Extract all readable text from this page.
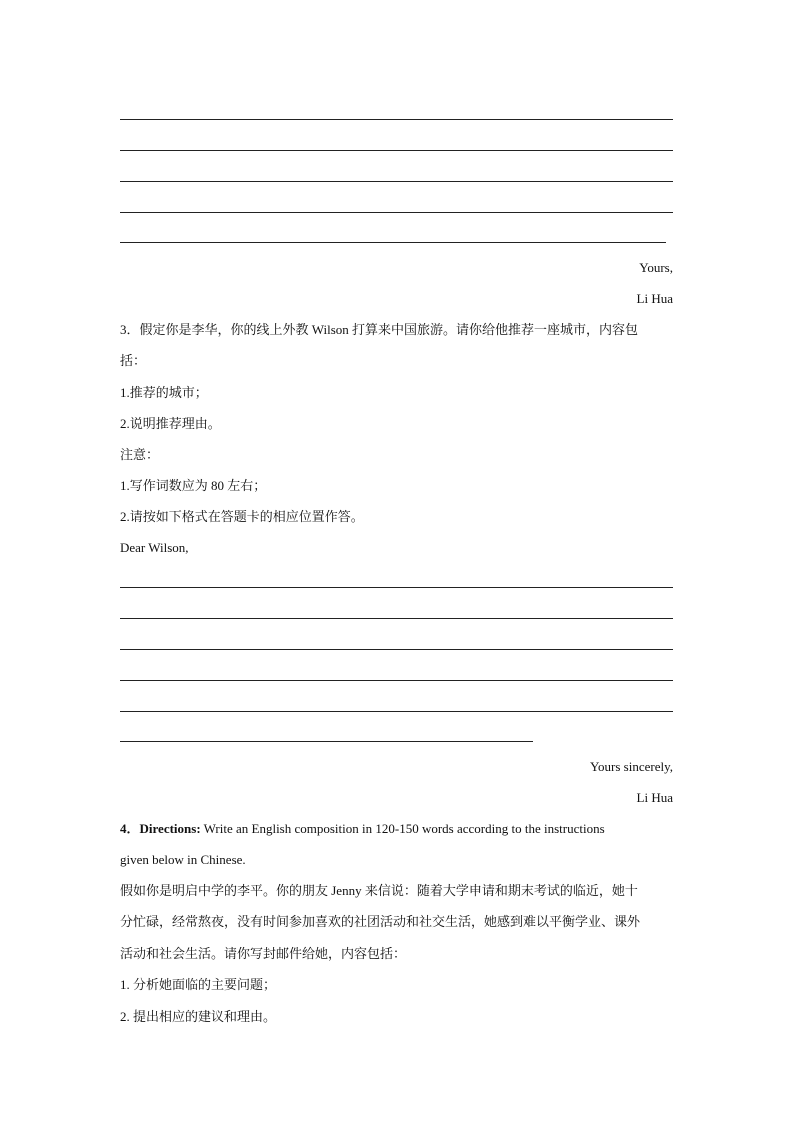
Yours,
Li Hua
3．假定你是李华，你的线上外教 Wilson 打算来中国旅游。请你给他推荐一座城市，内容包
括：
1.推荐的城市；
2.说明推荐理由。
注意：
1.写作词数应为 80 左右；
2.请按如下格式在答题卡的相应位置作答。
Dear Wilson,
Yours sincerely,
Li Hua
4．Directions: Write an English composition in 120-150 words according to the instructions
given below in Chinese.
假如你是明启中学的李平。你的朋友 Jenny 来信说：随着大学申请和期末考试的临近，她十
分忙碌，经常熬夜，没有时间参加喜欢的社团活动和社交生活，她感到难以平衡学业、课外
活动和社会生活。请你写封邮件给她，内容包括：
1. 分析她面临的主要问题；
2. 提出相应的建议和理由。
